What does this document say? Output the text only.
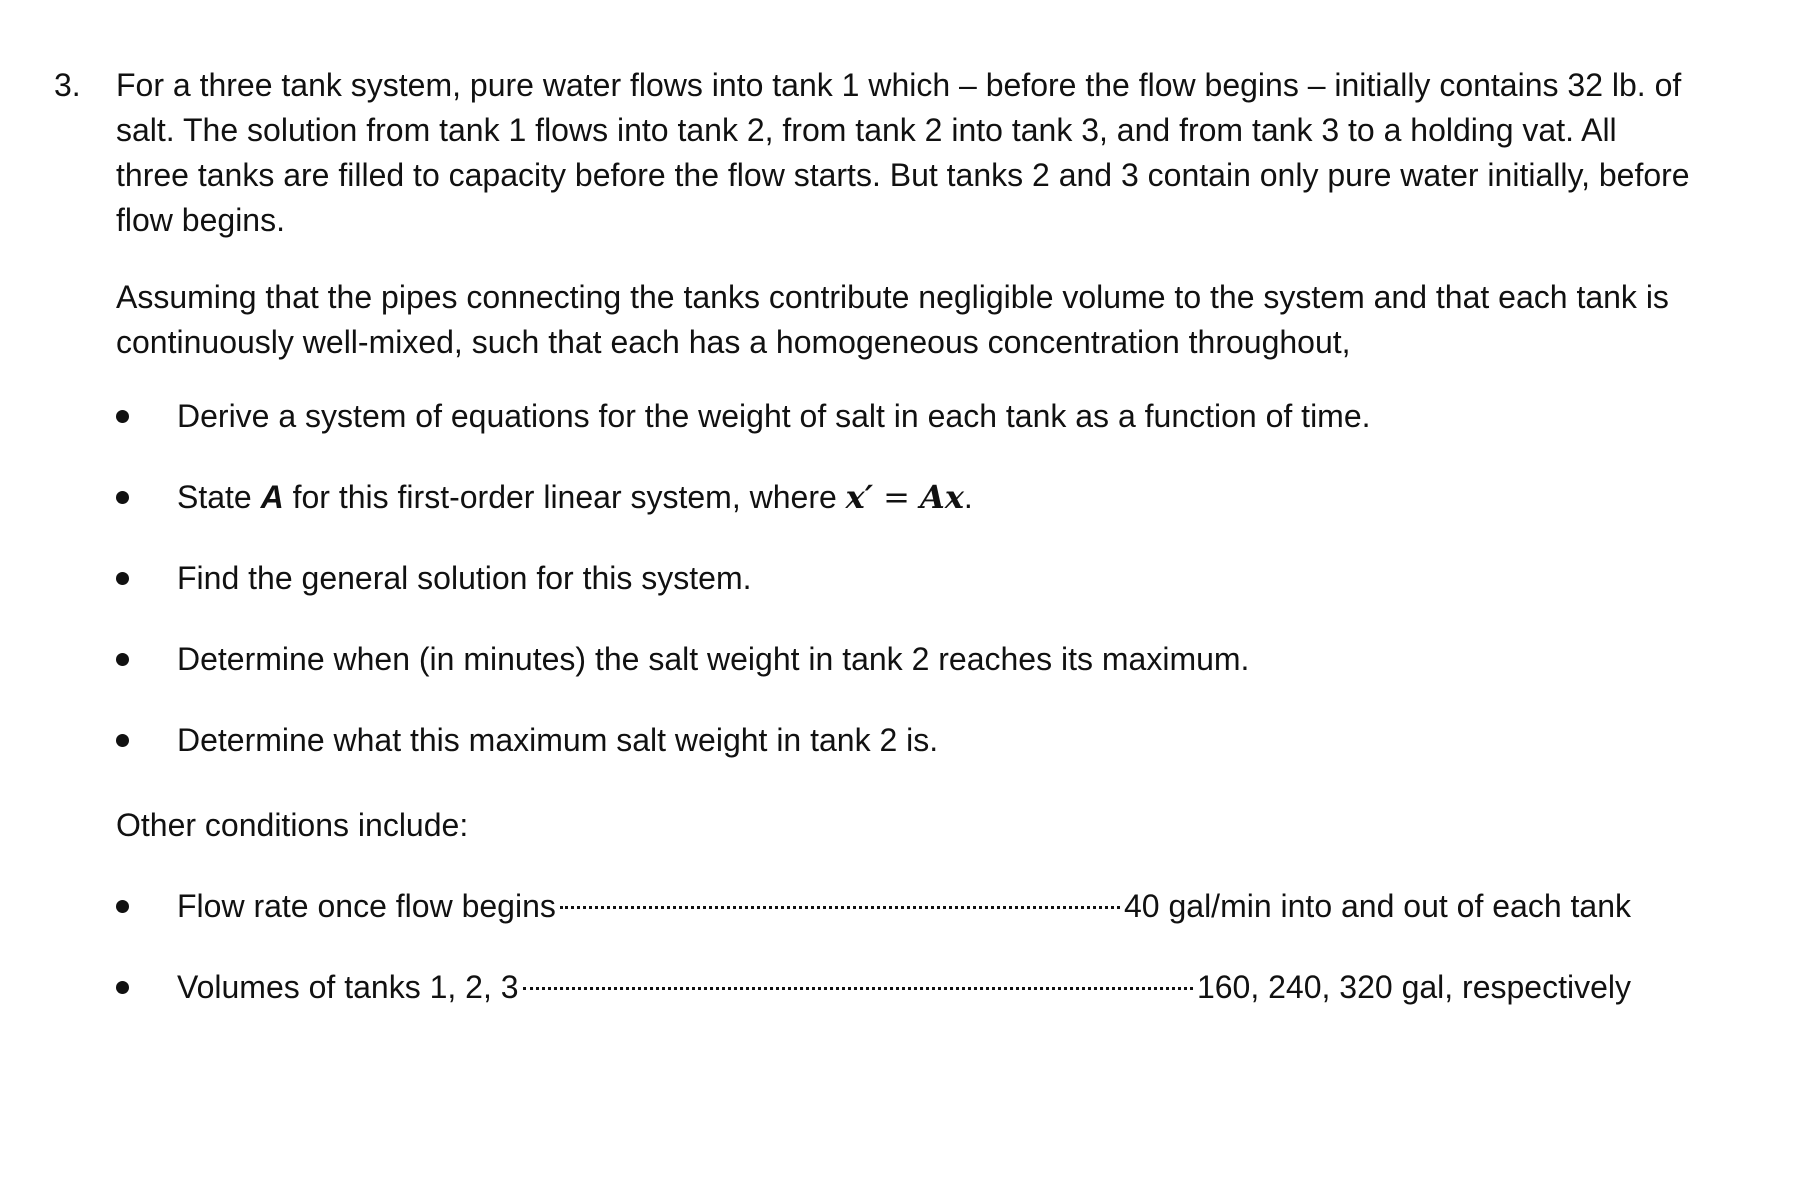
3. For a three tank system, pure water flows into tank 1 which – before the flow begins – initially contains 32 lb. of salt. The solution from tank 1 flows into tank 2, from tank 2 into tank 3, and from tank 3 to a holding vat. All three tanks are filled to capacity before the flow starts. But tanks 2 and 3 contain only pure water initially, before flow begins.
Assuming that the pipes connecting the tanks contribute negligible volume to the system and that each tank is continuously well-mixed, such that each has a homogeneous concentration throughout,
Derive a system of equations for the weight of salt in each tank as a function of time.
State A for this first-order linear system, where x′ = Ax.
Find the general solution for this system.
Determine when (in minutes) the salt weight in tank 2 reaches its maximum.
Determine what this maximum salt weight in tank 2 is.
Other conditions include:
Flow rate once flow begins	40 gal/min into and out of each tank
Volumes of tanks 1, 2, 3	160, 240, 320 gal, respectively
